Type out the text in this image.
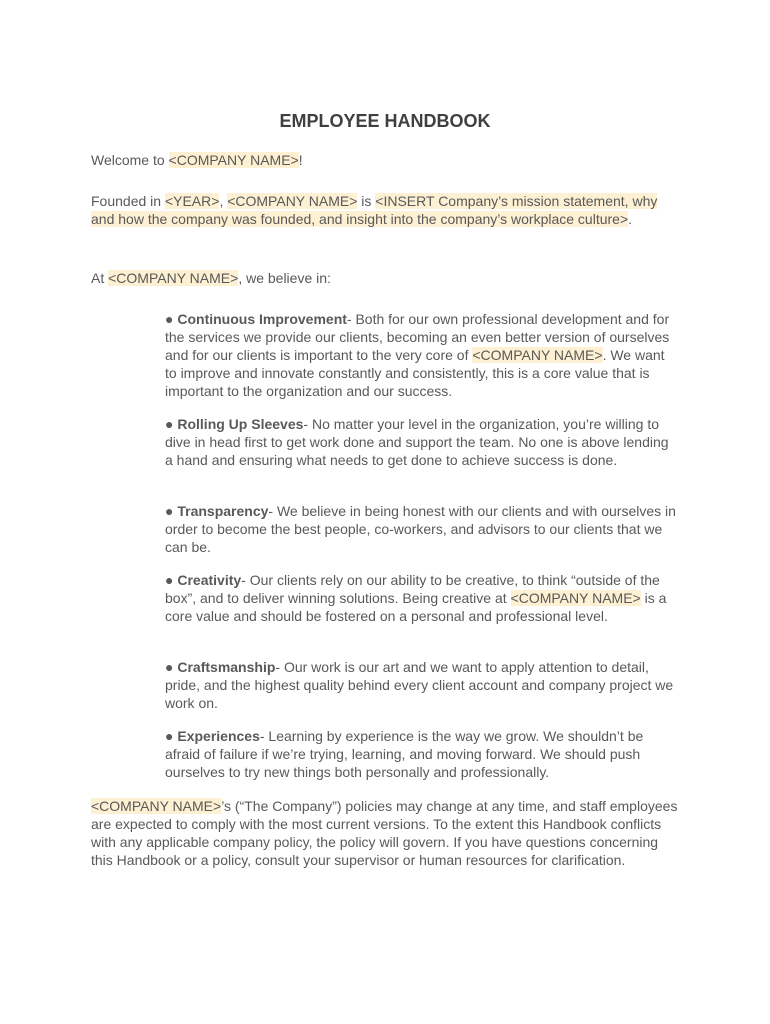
EMPLOYEE HANDBOOK

Welcome to <COMPANY NAME>!

Founded in <YEAR>, <COMPANY NAME> is <INSERT Company’s mission statement, why and how the company was founded, and insight into the company’s workplace culture>.

At <COMPANY NAME>, we believe in:

● Continuous Improvement- Both for our own professional development and for the services we provide our clients, becoming an even better version of ourselves and for our clients is important to the very core of <COMPANY NAME>. We want to improve and innovate constantly and consistently, this is a core value that is important to the organization and our success.

● Rolling Up Sleeves- No matter your level in the organization, you’re willing to dive in head first to get work done and support the team. No one is above lending a hand and ensuring what needs to get done to achieve success is done.

● Transparency- We believe in being honest with our clients and with ourselves in order to become the best people, co-workers, and advisors to our clients that we can be.

● Creativity- Our clients rely on our ability to be creative, to think “outside of the box”, and to deliver winning solutions. Being creative at <COMPANY NAME> is a core value and should be fostered on a personal and professional level.

● Craftsmanship- Our work is our art and we want to apply attention to detail, pride, and the highest quality behind every client account and company project we work on.

● Experiences- Learning by experience is the way we grow. We shouldn’t be afraid of failure if we’re trying, learning, and moving forward. We should push ourselves to try new things both personally and professionally.

<COMPANY NAME>’s (“The Company”) policies may change at any time, and staff employees are expected to comply with the most current versions. To the extent this Handbook conflicts with any applicable company policy, the policy will govern. If you have questions concerning this Handbook or a policy, consult your supervisor or human resources for clarification.
